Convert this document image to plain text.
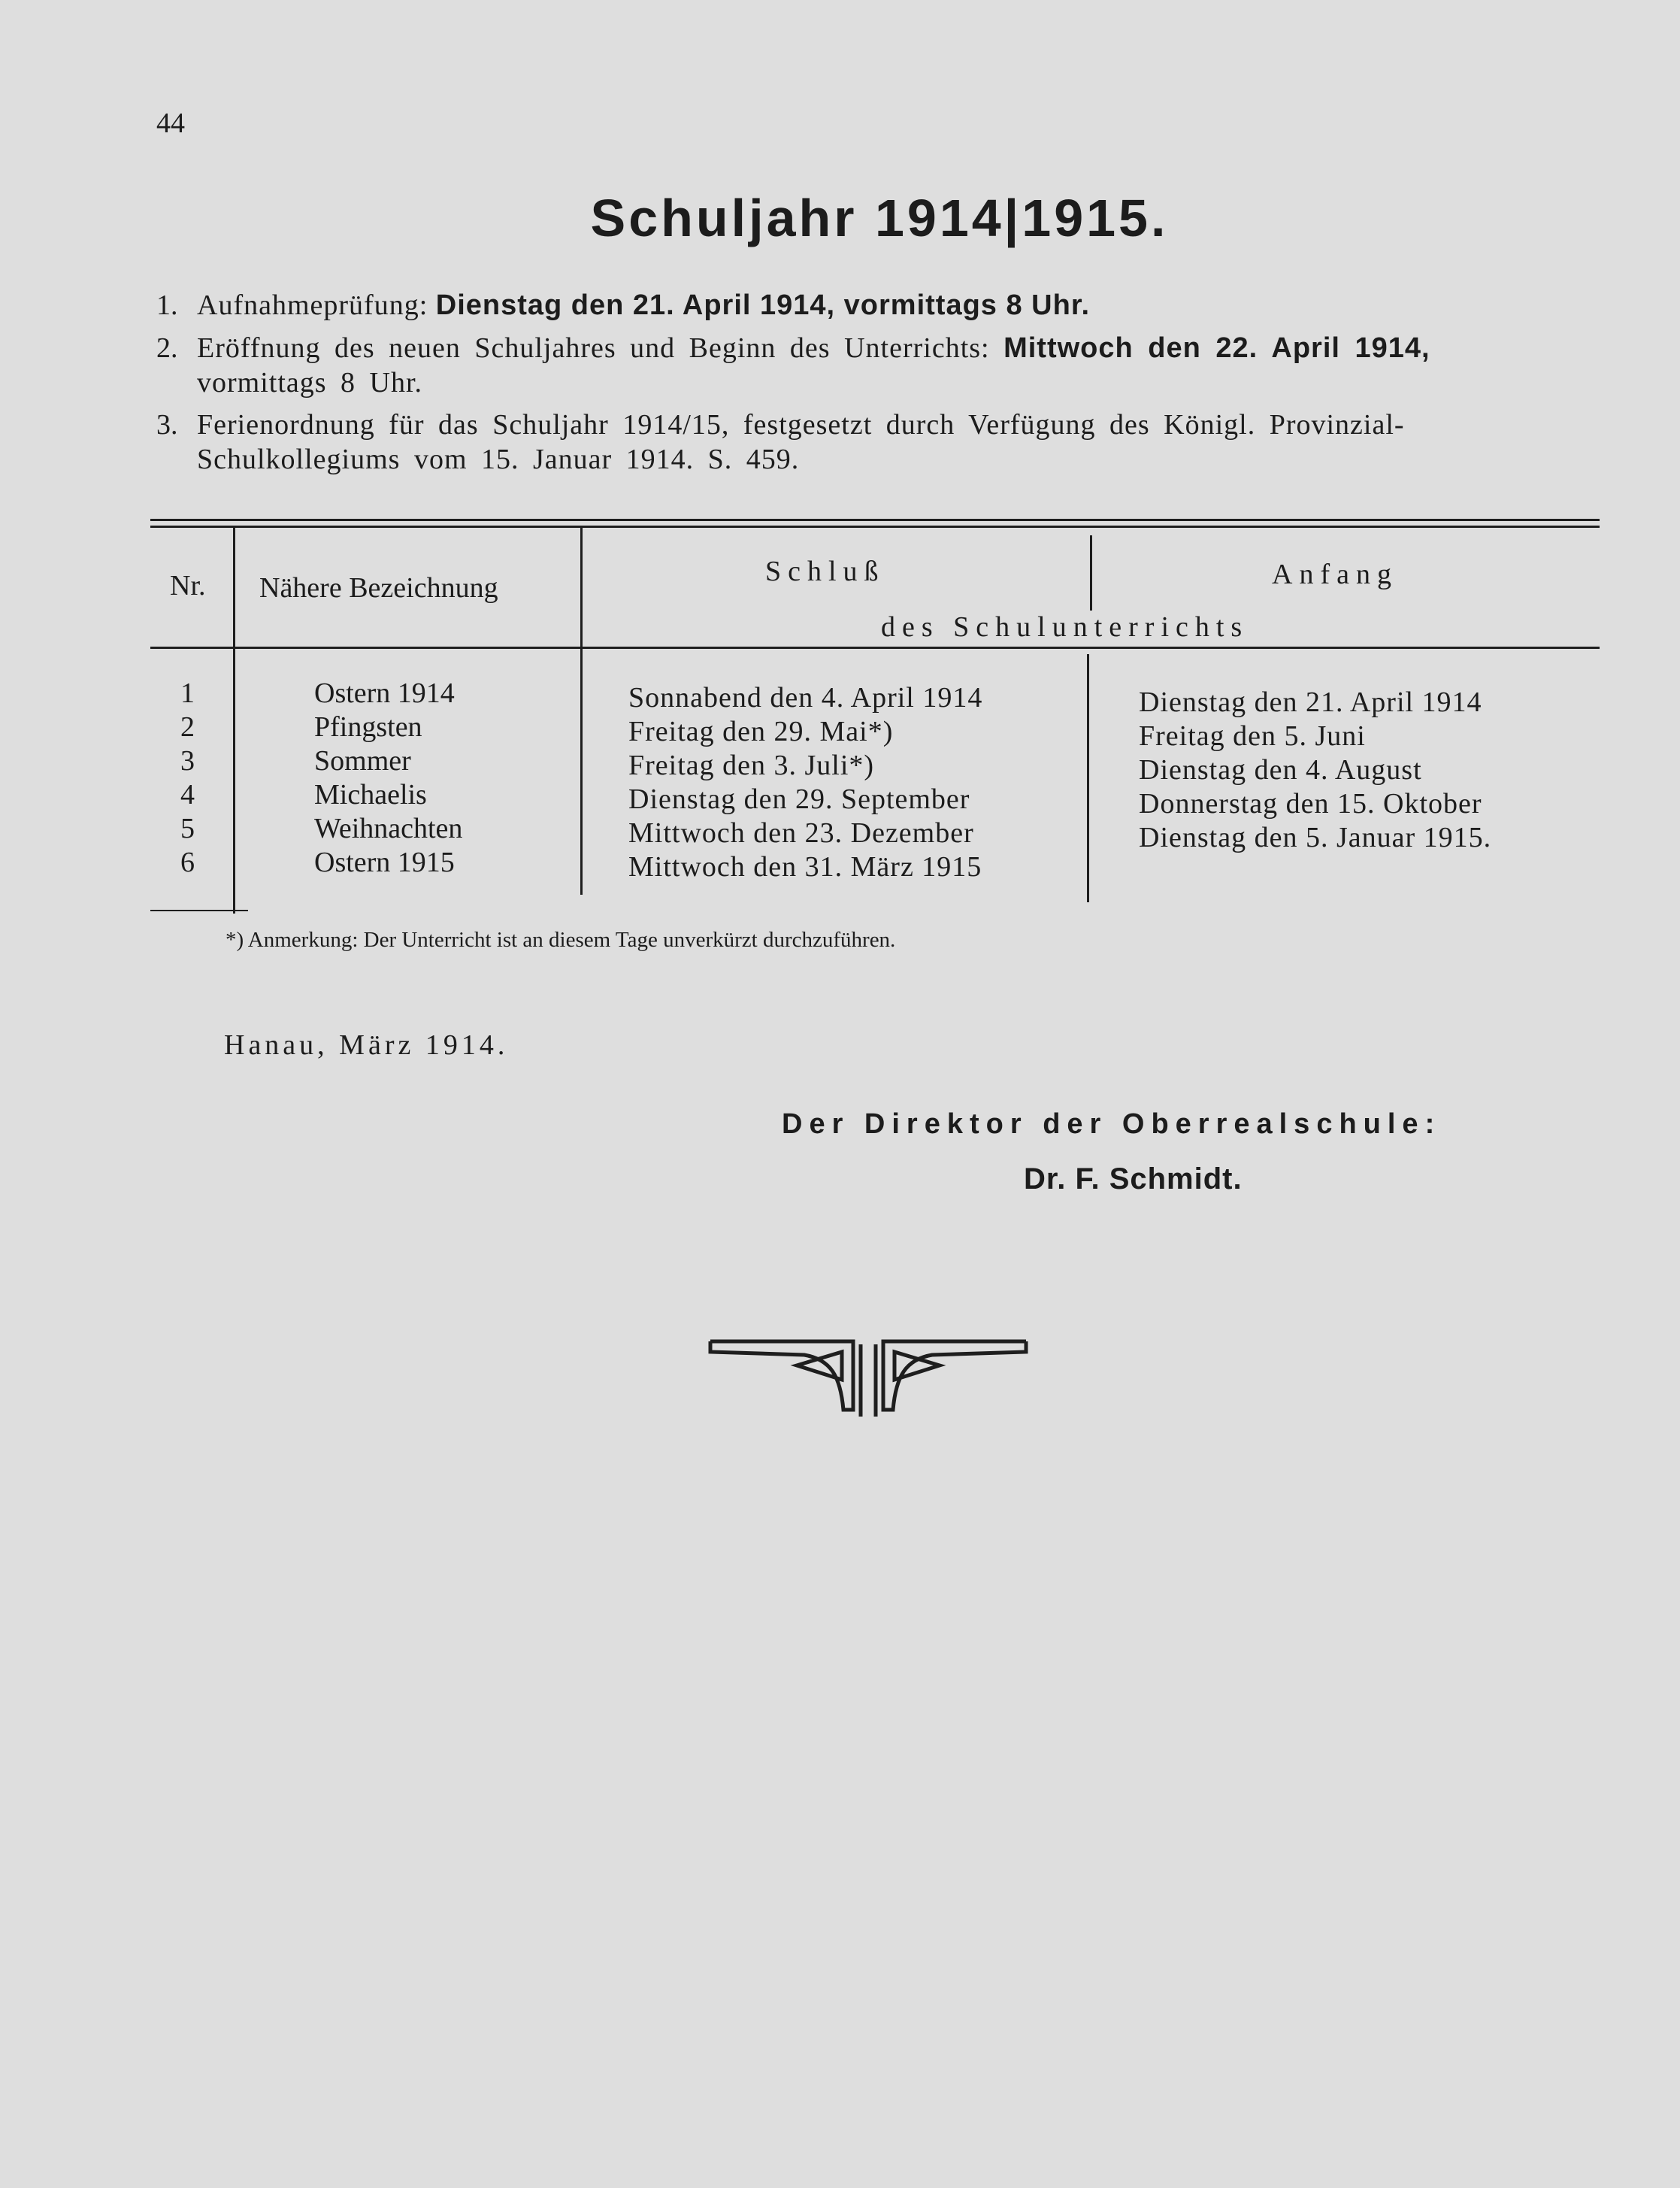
44
Schuljahr 1914|1915.
1. Aufnahmeprüfung: Dienstag den 21. April 1914, vormittags 8 Uhr.
2. Eröffnung des neuen Schuljahres und Beginn des Unterrichts: Mittwoch den 22. April 1914,
vormittags 8 Uhr.
3. Ferienordnung für das Schuljahr 1914/15, festgesetzt durch Verfügung des Königl. Provinzial-Schulkollegiums vom 15. Januar 1914. S. 459.
Nr. Nähere Bezeichnung
Schluß	Anfang
des Schulunterrichts
1
2
3
4
5
6
Ostern 1914
Pfingsten
Sommer
Michaelis
Weihnachten
Ostern 1915
Sonnabend den 4. April 1914
Freitag den 29. Mai*)
Freitag den 3. Juli*)
Dienstag den 29. September
Mittwoch den 23. Dezember
Mittwoch den 31. März 1915
Dienstag den 21. April 1914
Freitag den 5. Juni
Dienstag den 4. August
Donnerstag den 15. Oktober
Dienstag den 5. Januar 1915.
*) Anmerkung: Der Unterricht ist an diesem Tage unverkürzt durchzuführen.
Hanau, März 1914.
Der Direktor der Oberrealschule:
Dr. F. Schmidt.
